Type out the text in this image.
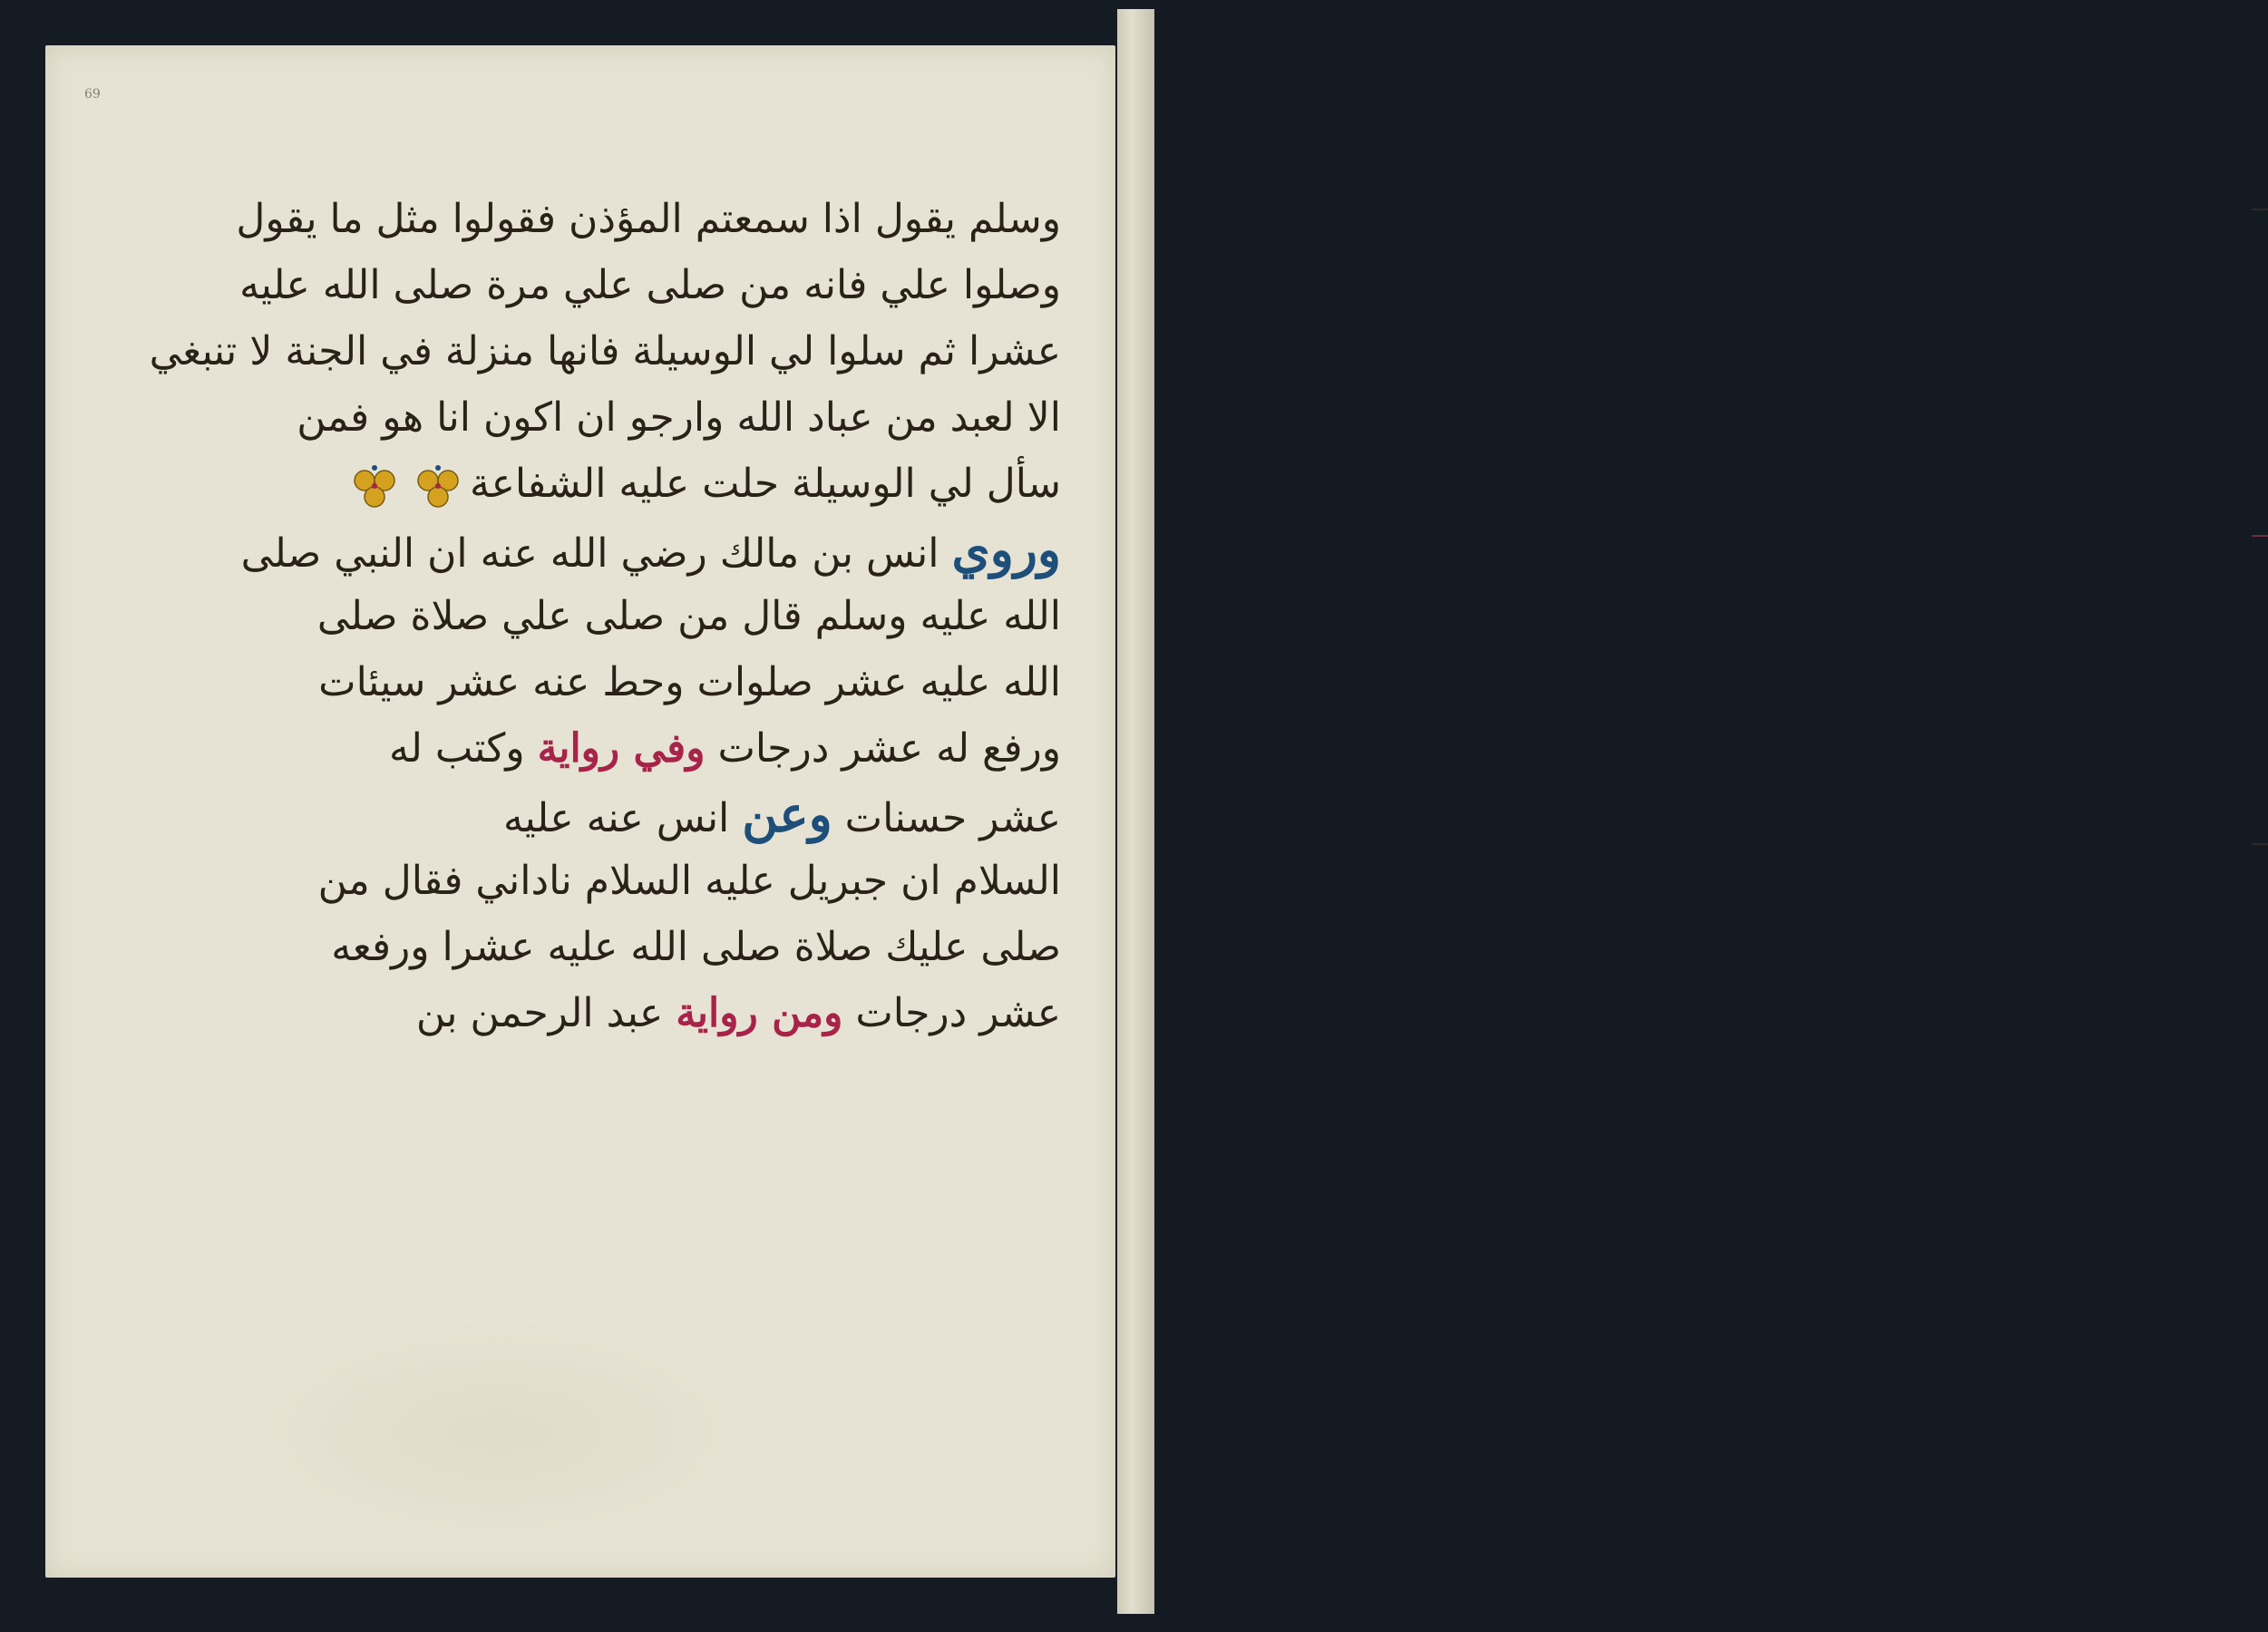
ـــ
ـــ
ـــ
69
وسلم يقول اذا سمعتم المؤذن فقولوا مثل ما يقول
وصلوا علي فانه من صلى علي مرة صلى الله عليه
عشرا ثم سلوا لي الوسيلة فانها منزلة في الجنة لا تنبغي
الا لعبد من عباد الله وارجو ان اكون انا هو فمن
سأل لي الوسيلة حلت عليه الشفاعة
وروي انس بن مالك رضي الله عنه ان النبي صلى
الله عليه وسلم قال من صلى علي صلاة صلى
الله عليه عشر صلوات وحط عنه عشر سيئات
ورفع له عشر درجات وفي رواية وكتب له
عشر حسنات وعن انس عنه عليه
السلام ان جبريل عليه السلام ناداني فقال من
صلى عليك صلاة صلى الله عليه عشرا ورفعه
عشر درجات ومن رواية عبد الرحمن بن
